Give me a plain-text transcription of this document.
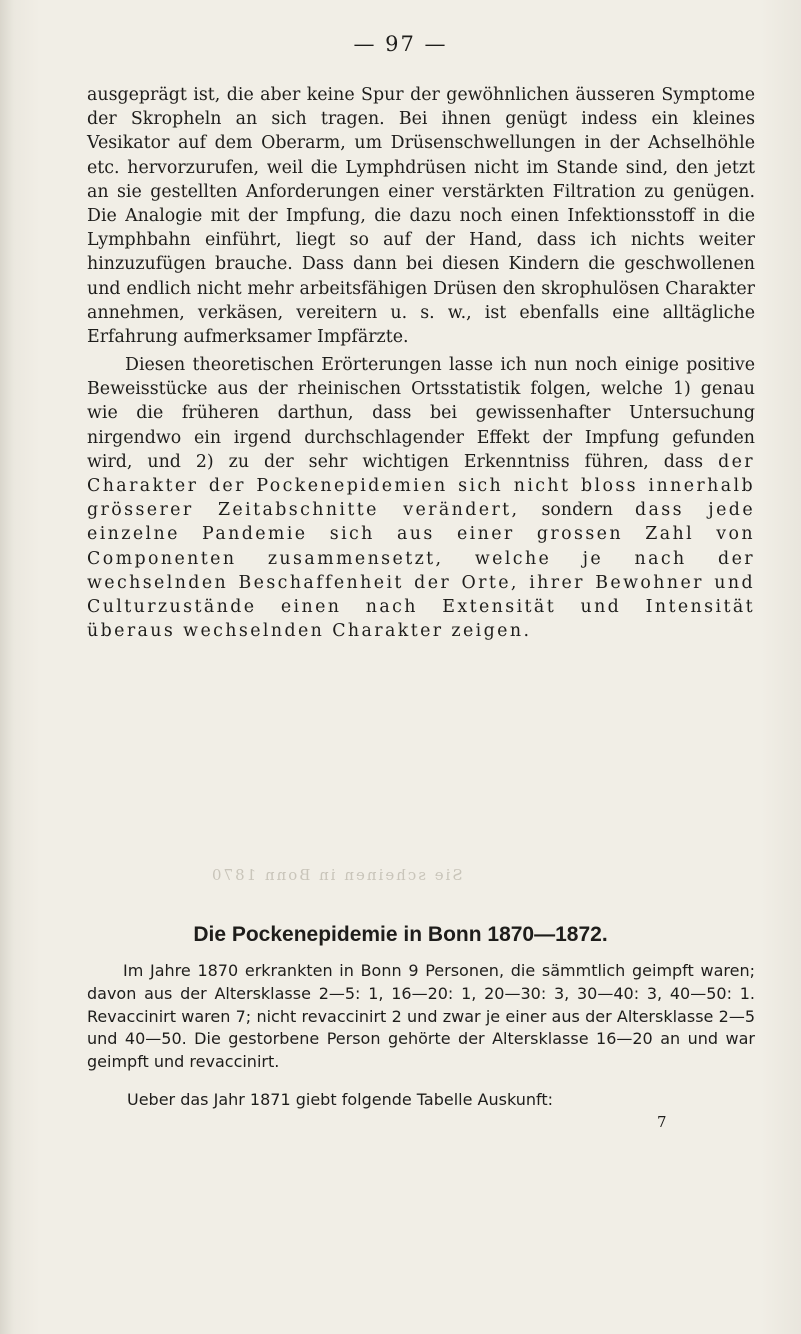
— 97 —

ausgeprägt ist, die aber keine Spur der gewöhnlichen äusseren Symptome der Skropheln an sich tragen. Bei ihnen genügt indess ein kleines Vesikator auf dem Oberarm, um Drüsenschwellungen in der Achselhöhle etc. hervorzurufen, weil die Lymphdrüsen nicht im Stande sind, den jetzt an sie gestellten Anforderungen einer verstärkten Filtration zu genügen. Die Analogie mit der Impfung, die dazu noch einen Infektionsstoff in die Lymphbahn einführt, liegt so auf der Hand, dass ich nichts weiter hinzuzufügen brauche. Dass dann bei diesen Kindern die geschwollenen und endlich nicht mehr arbeitsfähigen Drüsen den skrophulösen Charakter annehmen, verkäsen, vereitern u. s. w., ist ebenfalls eine alltägliche Erfahrung aufmerksamer Impfärzte.

Diesen theoretischen Erörterungen lasse ich nun noch einige positive Beweisstücke aus der rheinischen Ortsstatistik folgen, welche 1) genau wie die früheren darthun, dass bei gewissenhafter Untersuchung nirgendwo ein irgend durchschlagender Effekt der Impfung gefunden wird, und 2) zu der sehr wichtigen Erkenntniss führen, dass der Charakter der Pockenepidemien sich nicht bloss innerhalb grösserer Zeitabschnitte verändert, sondern dass jede einzelne Pandemie sich aus einer grossen Zahl von Componenten zusammensetzt, welche je nach der wechselnden Beschaffenheit der Orte, ihrer Bewohner und Culturzustände einen nach Extensität und Intensität überaus wechselnden Charakter zeigen.

Sie scheinen in Bonn 1870
Die Pockenepidemie in Bonn 1870—1872.

Im Jahre 1870 erkrankten in Bonn 9 Personen, die sämmtlich geimpft waren; davon aus der Altersklasse 2—5: 1, 16—20: 1, 20—30: 3, 30—40: 3, 40—50: 1. Revaccinirt waren 7; nicht revaccinirt 2 und zwar je einer aus der Altersklasse 2—5 und 40—50. Die gestorbene Person gehörte der Altersklasse 16—20 an und war geimpft und revaccinirt.

Ueber das Jahr 1871 giebt folgende Tabelle Auskunft:

7
